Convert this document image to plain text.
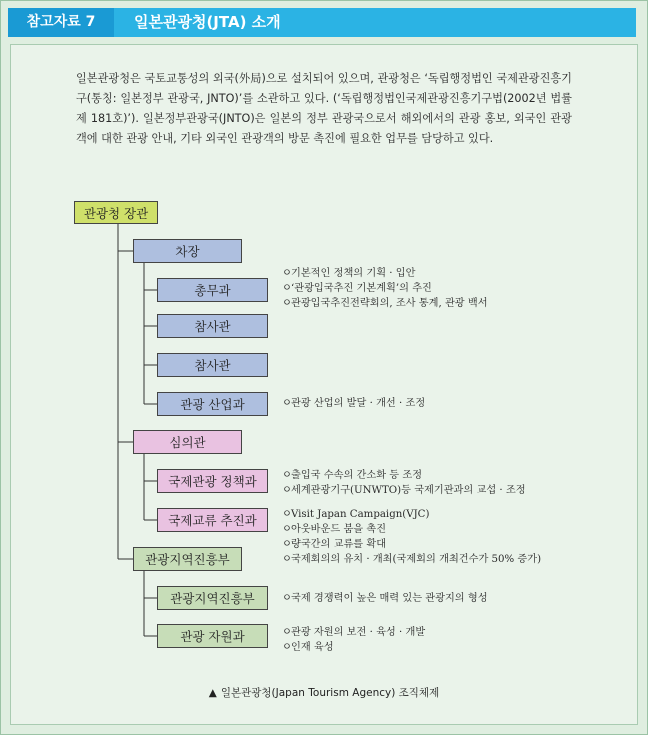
참고자료 7	일본관광청(JTA) 소개

일본관광청은 국토교통성의 외국(外局)으로 설치되어 있으며, 관광청은 ‘독립행정법인 국제관광진흥기구(통칭: 일본정부 관광국, JNTO)’를 소관하고 있다. (‘독립행정법인국제관광진흥기구법(2002년 법률 제 181호)’). 일본정부관광국(JNTO)은 일본의 정부 관광국으로서 해외에서의 관광 홍보, 외국인 관광객에 대한 관광 안내, 기타 외국인 관광객의 방문 촉진에 필요한 업무를 담당하고 있다.

관광청 장관
차장
총무과
참사관
참사관
관광 산업과
심의관
국제관광 정책과
국제교류 추진과
관광지역진흥부
관광지역진흥부
관광 자원과
ㅇ기본적인 정책의 기획 · 입안
ㅇ‘관광입국추진 기본계획’의 추진
ㅇ관광입국추진전략회의, 조사 통계, 관광 백서
ㅇ관광 산업의 발달 · 개선 · 조정
ㅇ출입국 수속의 간소화 등 조정
ㅇ세계관광기구(UNWTO)등 국제기관과의 교섭 · 조정
ㅇVisit Japan Campaign(VJC)
ㅇ아웃바운드 붐을 촉진
ㅇ량국간의 교류를 확대
ㅇ국제회의의 유치 · 개최(국제회의 개최건수가 50% 증가)
ㅇ국제 경쟁력이 높은 매력 있는 관광지의 형성
ㅇ관광 자원의 보전 · 육성 · 개발
ㅇ인재 육성
▲ 일본관광청(Japan Tourism Agency) 조직체제
